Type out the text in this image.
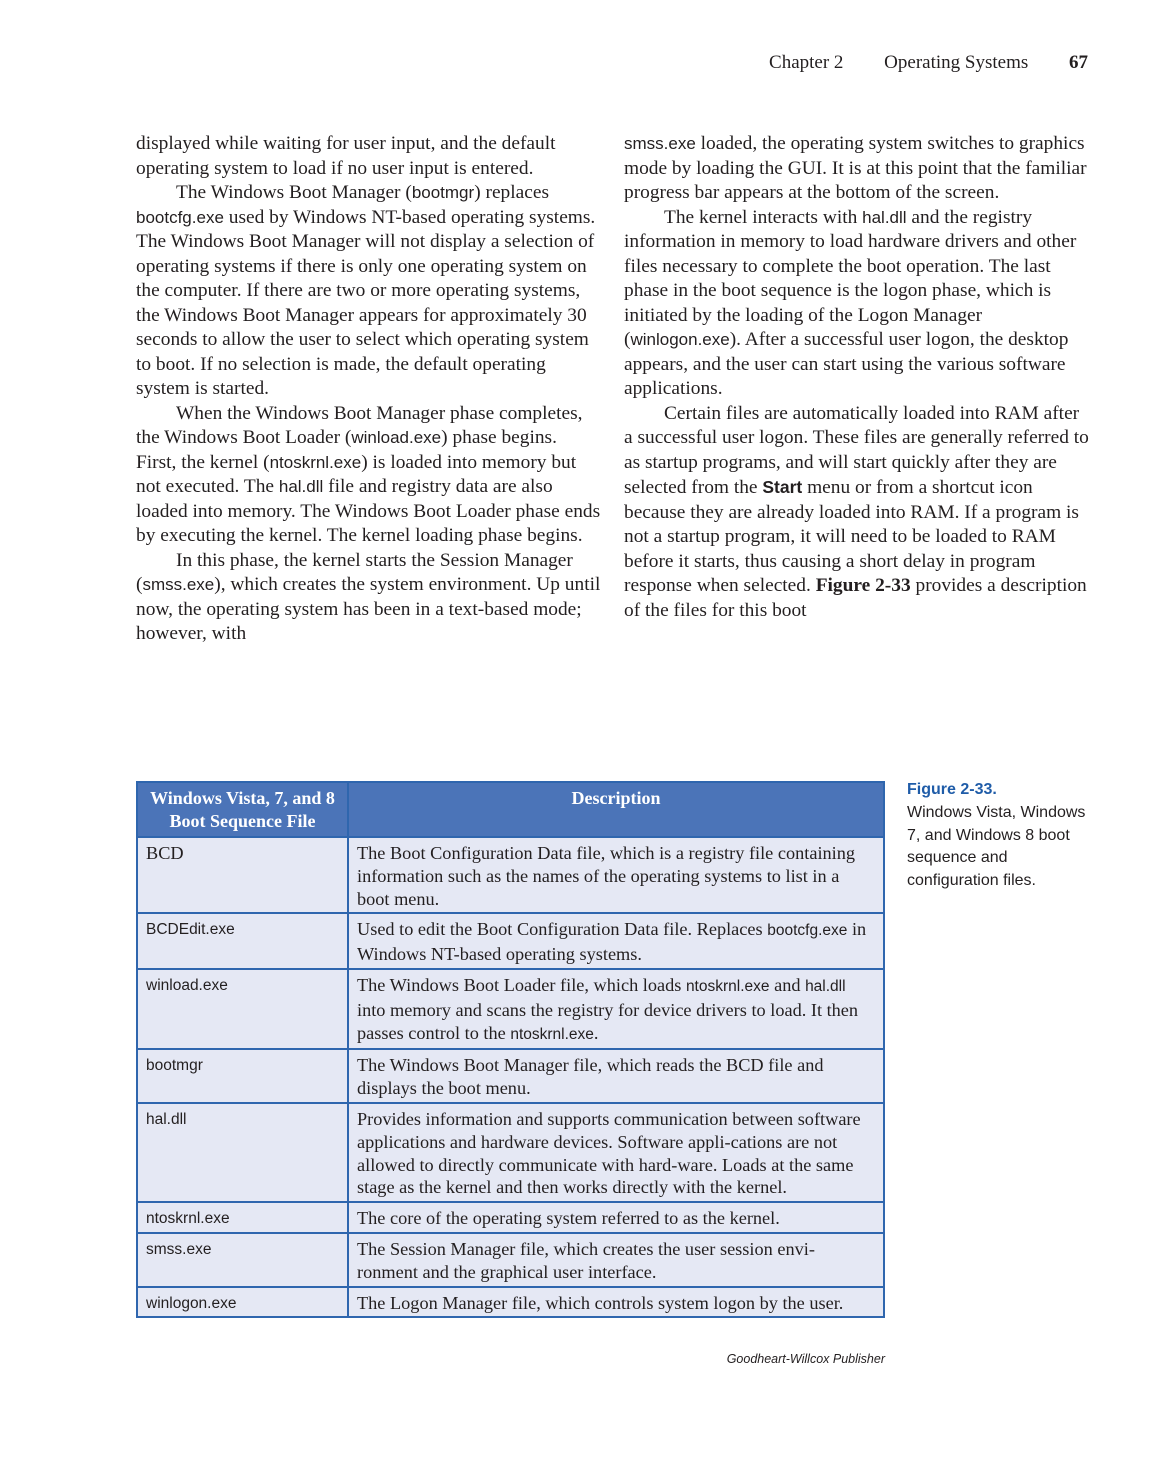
Chapter 2 Operating Systems 67

displayed while waiting for user input, and the default operating system to load if no user input is entered.

The Windows Boot Manager (bootmgr) replaces bootcfg.exe used by Windows NT-based operating systems. The Windows Boot Manager will not display a selection of operating systems if there is only one operating system on the computer. If there are two or more operating systems, the Windows Boot Manager appears for approximately 30 seconds to allow the user to select which operating system to boot. If no selection is made, the default operating system is started.

When the Windows Boot Manager phase completes, the Windows Boot Loader (winload.exe) phase begins. First, the kernel (ntoskrnl.exe) is loaded into memory but not executed. The hal.dll file and registry data are also loaded into memory. The Windows Boot Loader phase ends by executing the kernel. The kernel loading phase begins.

In this phase, the kernel starts the Session Manager (smss.exe), which creates the system environment. Up until now, the operating system has been in a text-based mode; however, with

smss.exe loaded, the operating system switches to graphics mode by loading the GUI. It is at this point that the familiar progress bar appears at the bottom of the screen.

The kernel interacts with hal.dll and the registry information in memory to load hardware drivers and other files necessary to complete the boot operation. The last phase in the boot sequence is the logon phase, which is initiated by the loading of the Logon Manager (winlogon.exe). After a successful user logon, the desktop appears, and the user can start using the various software applications.

Certain files are automatically loaded into RAM after a successful user logon. These files are generally referred to as startup programs, and will start quickly after they are selected from the Start menu or from a shortcut icon because they are already loaded into RAM. If a program is not a startup program, it will need to be loaded to RAM before it starts, thus causing a short delay in program response when selected. Figure 2-33 provides a description of the files for this boot

Windows Vista, 7, and 8 Boot Sequence File	Description
BCD	The Boot Configuration Data file, which is a registry file containing information such as the names of the operating systems to list in a boot menu.
BCDEdit.exe	Used to edit the Boot Configuration Data file. Replaces bootcfg.exe in Windows NT-based operating systems.
winload.exe	The Windows Boot Loader file, which loads ntoskrnl.exe and hal.dll into memory and scans the registry for device drivers to load. It then passes control to the ntoskrnl.exe.
bootmgr	The Windows Boot Manager file, which reads the BCD file and displays the boot menu.
hal.dll	Provides information and supports communication between software applications and hardware devices. Software appli-cations are not allowed to directly communicate with hard-ware. Loads at the same stage as the kernel and then works directly with the kernel.
ntoskrnl.exe	The core of the operating system referred to as the kernel.
smss.exe	The Session Manager file, which creates the user session envi-ronment and the graphical user interface.
winlogon.exe	The Logon Manager file, which controls system logon by the user.
Figure 2-33.
Windows Vista, Windows 7, and Windows 8 boot sequence and configuration files.
Goodheart-Willcox Publisher
